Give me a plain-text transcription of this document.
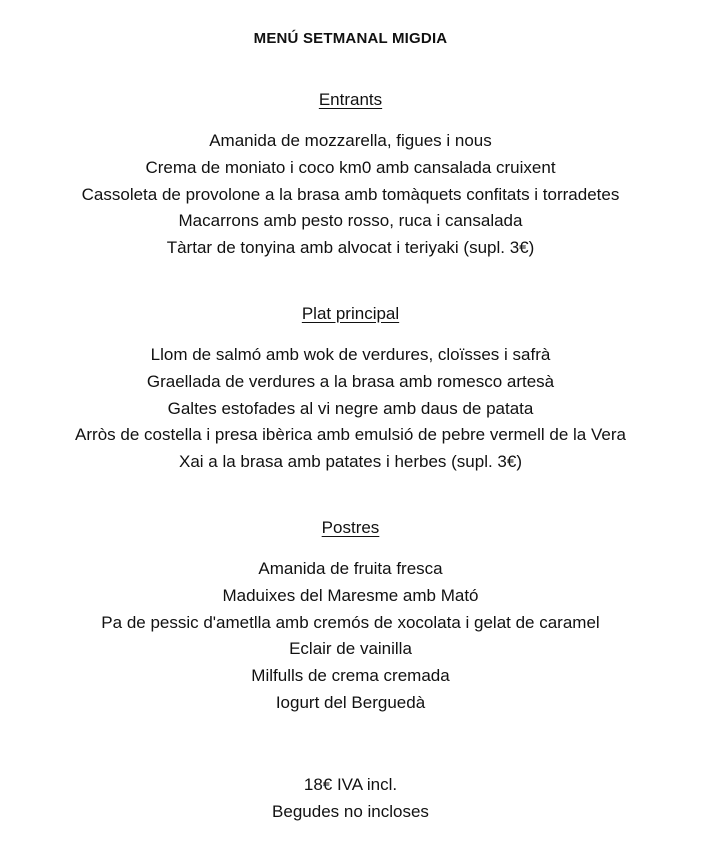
MENÚ SETMANAL MIGDIA
Entrants
Amanida de mozzarella, figues i nous
Crema de moniato i coco km0 amb cansalada cruixent
Cassoleta de provolone a la brasa amb tomàquets confitats i torradetes
Macarrons amb pesto rosso, ruca i cansalada
Tàrtar de tonyina amb alvocat i teriyaki (supl. 3€)
Plat principal
Llom de salmó amb wok de verdures, cloïsses i safrà
Graellada de verdures a la brasa amb romesco artesà
Galtes estofades al vi negre amb daus de patata
Arròs de costella i presa ibèrica amb emulsió de pebre vermell de la Vera
Xai a la brasa amb patates i herbes (supl. 3€)
Postres
Amanida de fruita fresca
Maduixes del Maresme amb Mató
Pa de pessic d'ametlla amb cremós de xocolata i gelat de caramel
Eclair de vainilla
Milfulls de crema cremada
Iogurt del Berguedà
18€ IVA incl.
Begudes no incloses
